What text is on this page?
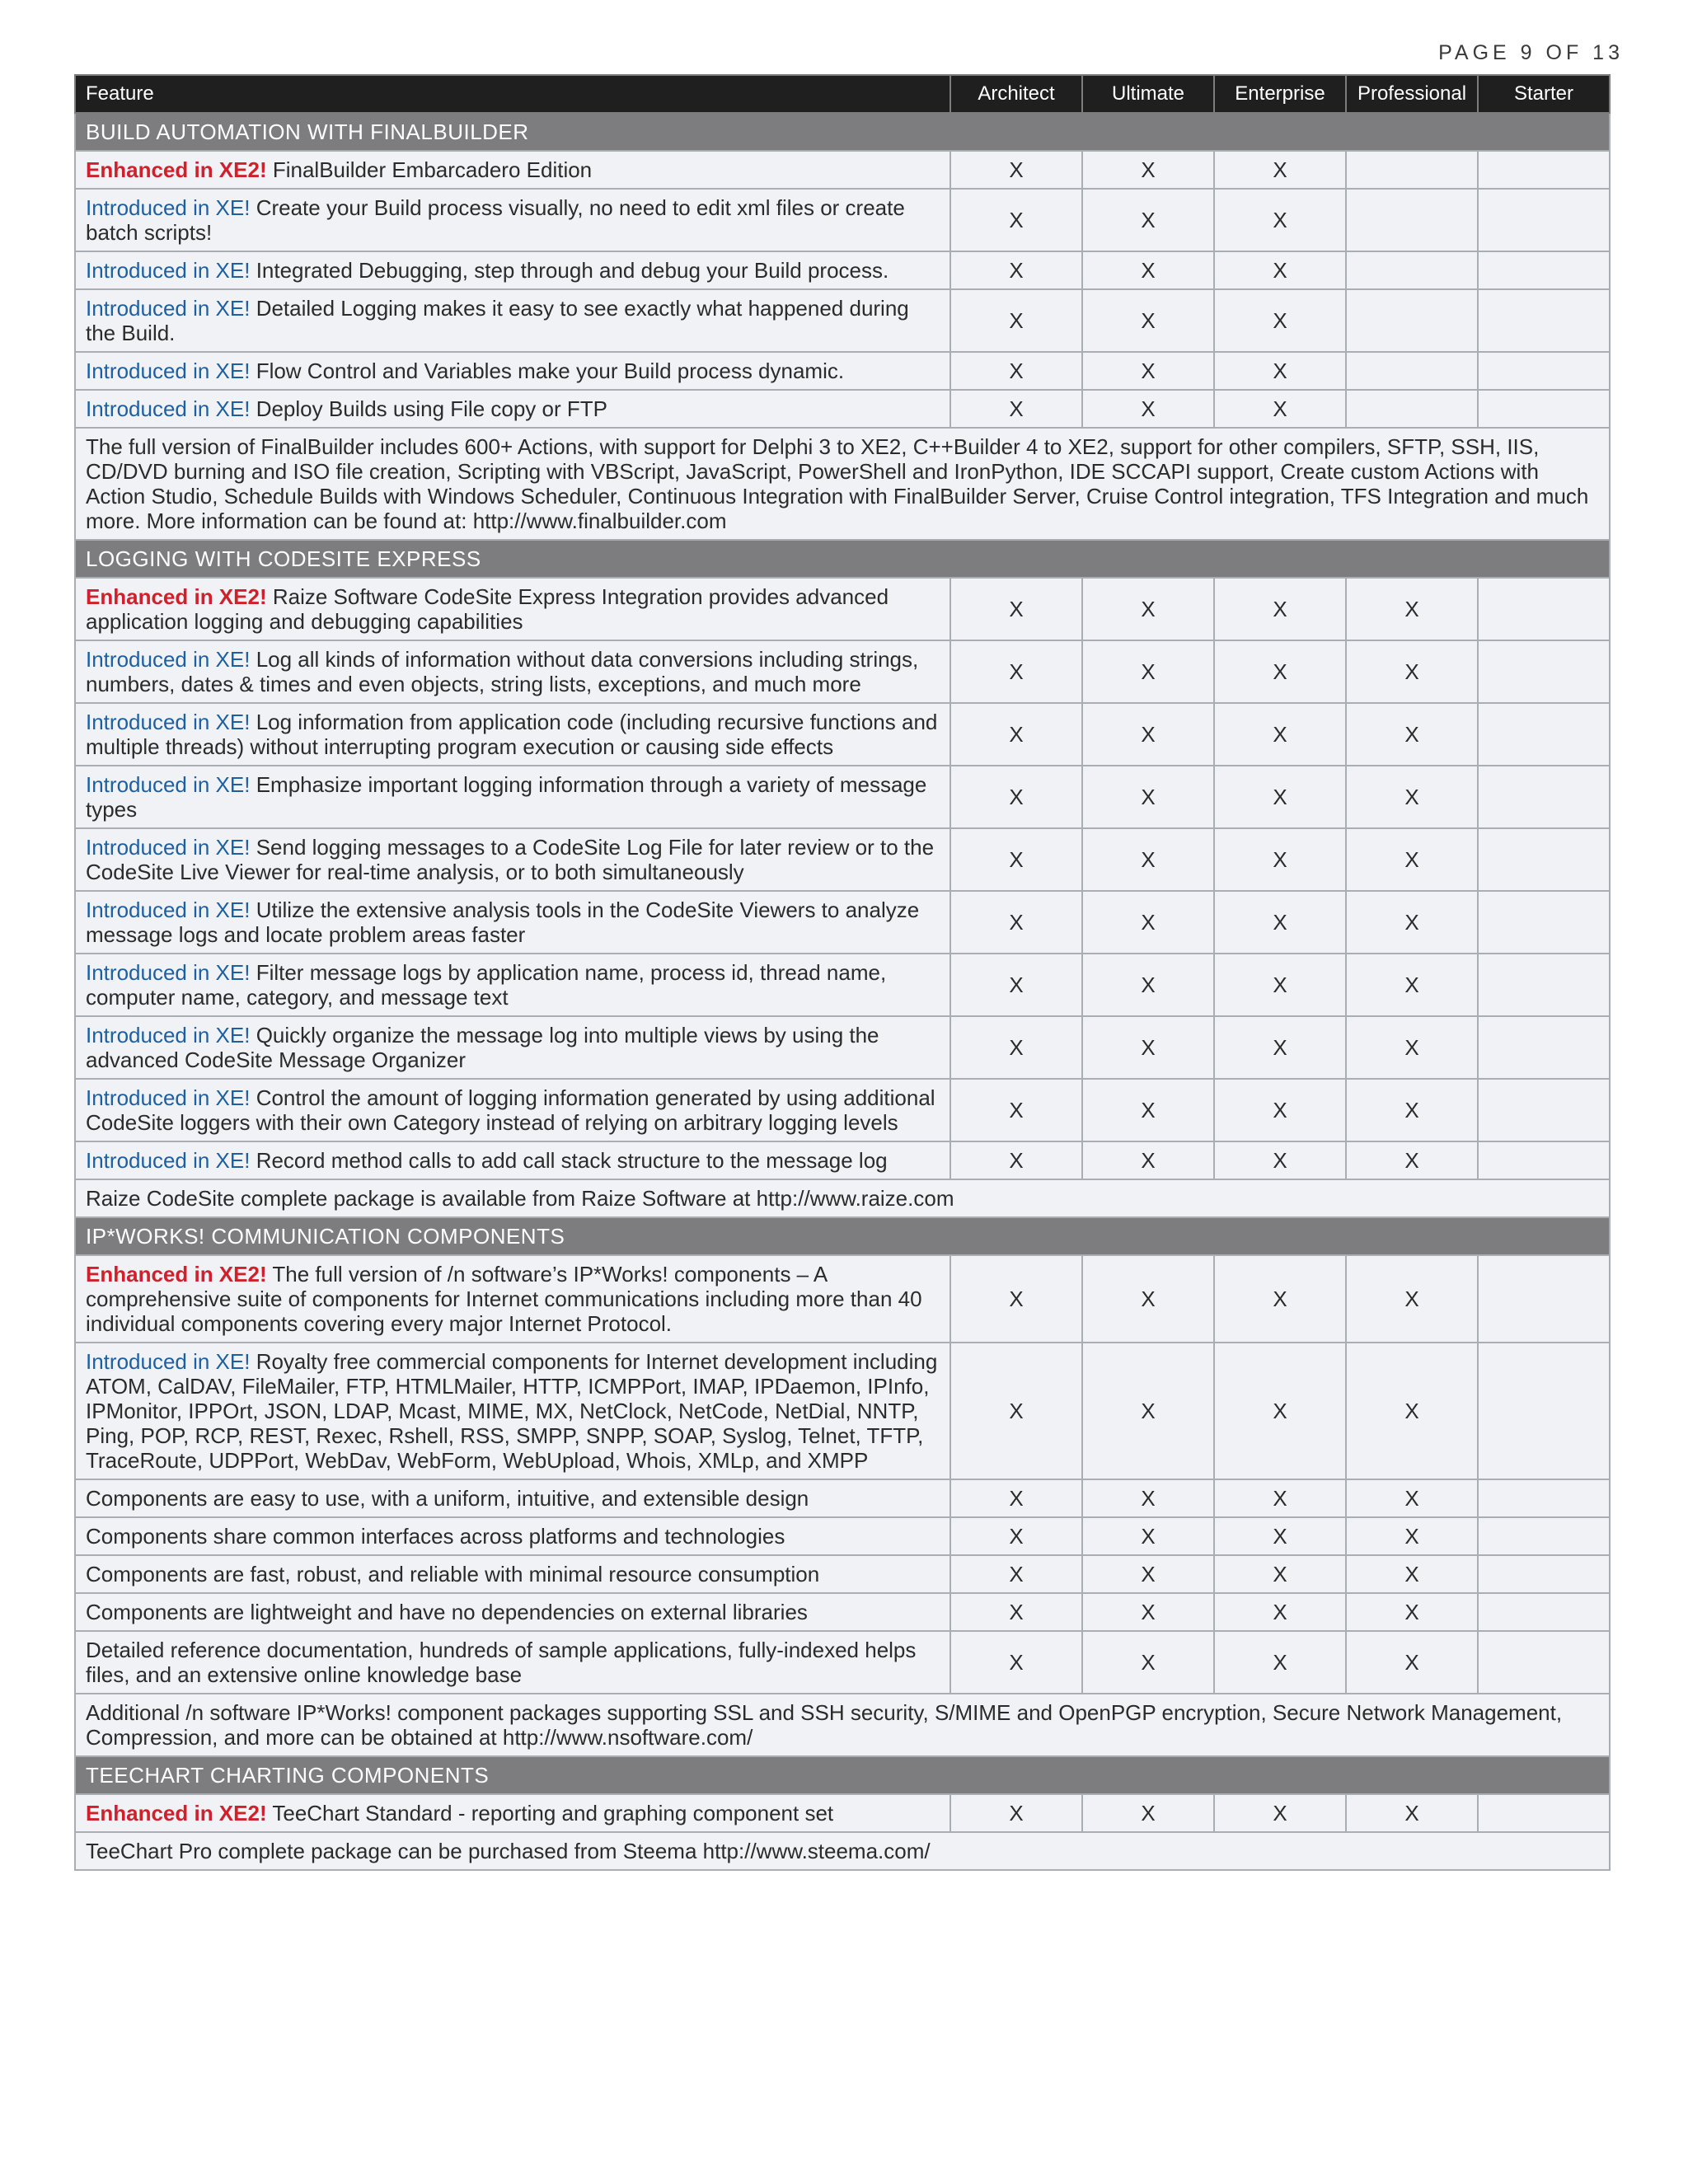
PAGE 9 OF 13
Feature	Architect	Ultimate	Enterprise	Professional	Starter
BUILD AUTOMATION WITH FINALBUILDER					
Enhanced in XE2! FinalBuilder Embarcadero Edition	X	X	X		
Introduced in XE! Create your Build process visually, no need to edit xml files or create batch scripts!	X	X	X		
Introduced in XE! Integrated Debugging, step through and debug your Build process.	X	X	X		
Introduced in XE! Detailed Logging makes it easy to see exactly what happened during the Build.	X	X	X		
Introduced in XE! Flow Control and Variables make your Build process dynamic.	X	X	X		
Introduced in XE! Deploy Builds using File copy or FTP	X	X	X		
The full version of FinalBuilder includes 600+ Actions, with support for Delphi 3 to XE2, C++Builder 4 to XE2, support for other compilers, SFTP, SSH, IIS, CD/DVD burning and ISO file creation, Scripting with VBScript, JavaScript, PowerShell and IronPython, IDE SCCAPI support, Create custom Actions with Action Studio, Schedule Builds with Windows Scheduler, Continuous Integration with FinalBuilder Server, Cruise Control integration, TFS Integration and much more. More information can be found at: http://www.finalbuilder.com					
LOGGING WITH CODESITE EXPRESS					
Enhanced in XE2! Raize Software CodeSite Express Integration provides advanced application logging and debugging capabilities	X	X	X	X	
Introduced in XE! Log all kinds of information without data conversions including strings, numbers, dates & times and even objects, string lists, exceptions, and much more	X	X	X	X	
Introduced in XE! Log information from application code (including recursive functions and multiple threads) without interrupting program execution or causing side effects	X	X	X	X	
Introduced in XE! Emphasize important logging information through a variety of message types	X	X	X	X	
Introduced in XE! Send logging messages to a CodeSite Log File for later review or to the CodeSite Live Viewer for real-time analysis, or to both simultaneously	X	X	X	X	
Introduced in XE! Utilize the extensive analysis tools in the CodeSite Viewers to analyze message logs and locate problem areas faster	X	X	X	X	
Introduced in XE! Filter message logs by application name, process id, thread name, computer name, category, and message text	X	X	X	X	
Introduced in XE! Quickly organize the message log into multiple views by using the advanced CodeSite Message Organizer	X	X	X	X	
Introduced in XE! Control the amount of logging information generated by using additional CodeSite loggers with their own Category instead of relying on arbitrary logging levels	X	X	X	X	
Introduced in XE! Record method calls to add call stack structure to the message log	X	X	X	X	
Raize CodeSite complete package is available from Raize Software at http://www.raize.com					
IP*WORKS! COMMUNICATION COMPONENTS					
Enhanced in XE2! The full version of /n software’s IP*Works! components – A comprehensive suite of components for Internet communications including more than 40 individual components covering every major Internet Protocol.	X	X	X	X	
Introduced in XE! Royalty free commercial components for Internet development including ATOM, CalDAV, FileMailer, FTP, HTMLMailer, HTTP, ICMPPort, IMAP, IPDaemon, IPInfo, IPMonitor, IPPOrt, JSON, LDAP, Mcast, MIME, MX, NetClock, NetCode, NetDial, NNTP, Ping, POP, RCP, REST, Rexec, Rshell, RSS, SMPP, SNPP, SOAP, Syslog, Telnet, TFTP, TraceRoute, UDPPort, WebDav, WebForm, WebUpload, Whois, XMLp, and XMPP	X	X	X	X	
Components are easy to use, with a uniform, intuitive, and extensible design	X	X	X	X	
Components share common interfaces across platforms and technologies	X	X	X	X	
Components are fast, robust, and reliable with minimal resource consumption	X	X	X	X	
Components are lightweight and have no dependencies on external libraries	X	X	X	X	
Detailed reference documentation, hundreds of sample applications, fully-indexed helps files, and an extensive online knowledge base	X	X	X	X	
Additional /n software IP*Works! component packages supporting SSL and SSH security, S/MIME and OpenPGP encryption, Secure Network Management, Compression, and more can be obtained at http://www.nsoftware.com/					
TEECHART CHARTING COMPONENTS					
Enhanced in XE2! TeeChart Standard - reporting and graphing component set	X	X	X	X	
TeeChart Pro complete package can be purchased from Steema http://www.steema.com/					
